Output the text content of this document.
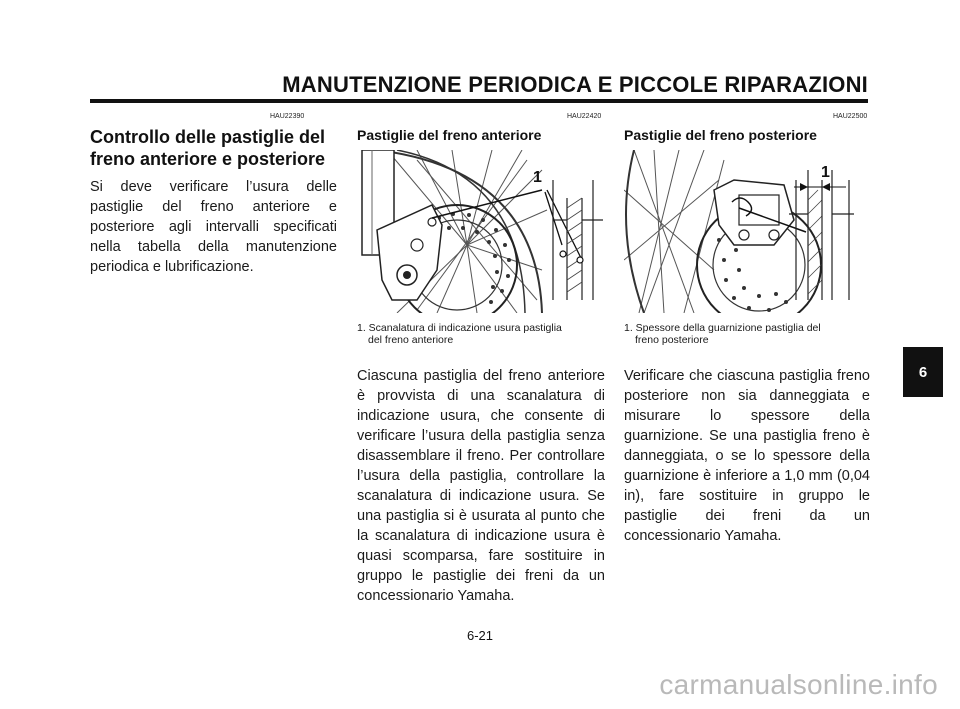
MANUTENZIONE PERIODICA E PICCOLE RIPARAZIONI
HAU22390
Controllo delle pastiglie del freno anteriore e posteriore
Si deve verificare l’usura delle pastiglie del freno anteriore e posteriore agli intervalli specificati nella tabella della manutenzione periodica e lubrificazione.
HAU22420
Pastiglie del freno anteriore
1
1. Scanalatura di indicazione usura pastiglia
del freno anteriore
Ciascuna pastiglia del freno anteriore è provvista di una scanalatura di indicazione usura, che consente di verificare l’usura della pastiglia senza disassemblare il freno. Per controllare l’usura della pastiglia, controllare la scanalatura di indicazione usura. Se una pastiglia si è usurata al punto che la scanalatura di indicazione usura è quasi scomparsa, fare sostituire in gruppo le pastiglie dei freni da un concessionario Yamaha.
HAU22500
Pastiglie del freno posteriore
1
1. Spessore della guarnizione pastiglia del
freno posteriore
Verificare che ciascuna pastiglia freno posteriore non sia danneggiata e misurare lo spessore della guarnizione. Se una pastiglia freno è danneggiata, o se lo spessore della guarnizione è inferiore a 1,0 mm (0,04 in), fare sostituire in gruppo le pastiglie dei freni da un concessionario Yamaha.
6
6-21
carmanualsonline.info
